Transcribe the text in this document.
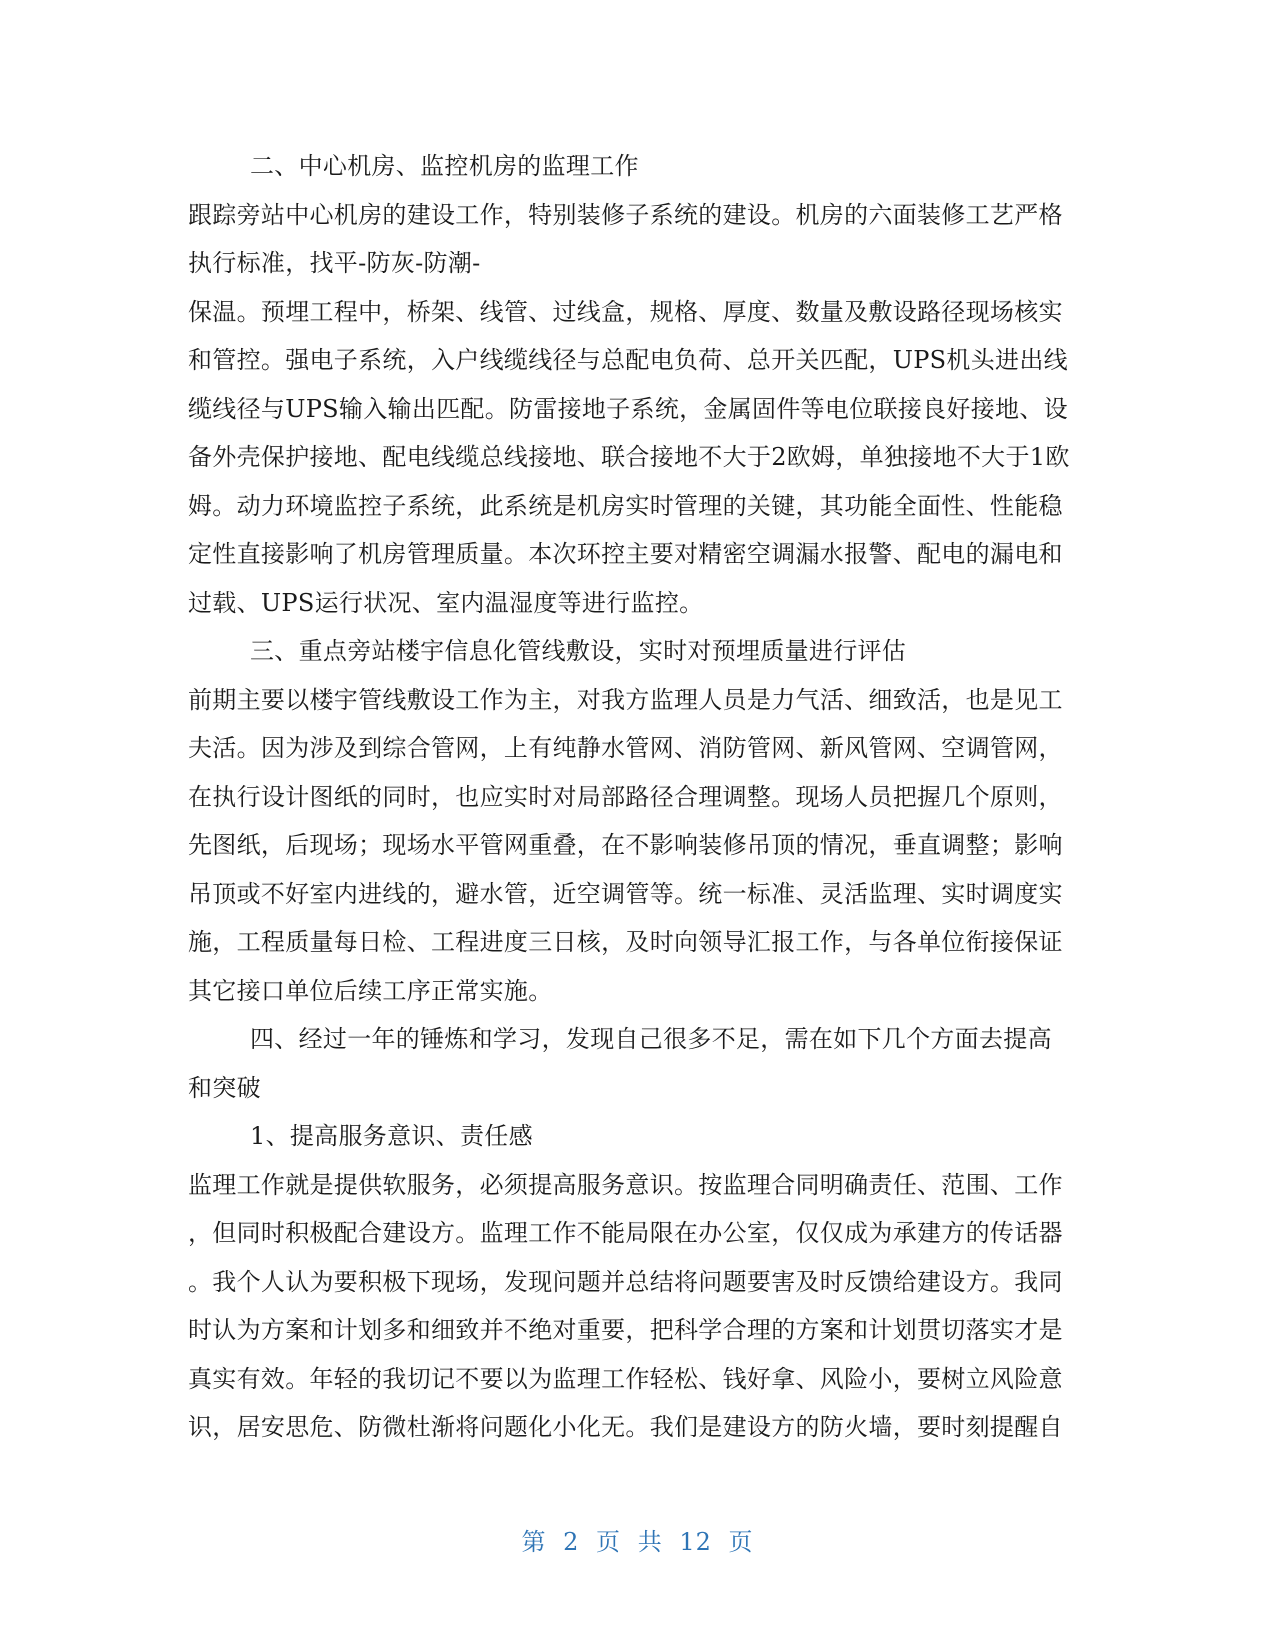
二、中心机房、监控机房的监理工作
跟踪旁站中心机房的建设工作，特别装修子系统的建设。机房的六面装修工艺严格
执行标准，找平-防灰-防潮-
保温。预埋工程中，桥架、线管、过线盒，规格、厚度、数量及敷设路径现场核实
和管控。强电子系统，入户线缆线径与总配电负荷、总开关匹配，UPS机头进出线
缆线径与UPS输入输出匹配。防雷接地子系统，金属固件等电位联接良好接地、设
备外壳保护接地、配电线缆总线接地、联合接地不大于2欧姆，单独接地不大于1欧
姆。动力环境监控子系统，此系统是机房实时管理的关键，其功能全面性、性能稳
定性直接影响了机房管理质量。本次环控主要对精密空调漏水报警、配电的漏电和
过载、UPS运行状况、室内温湿度等进行监控。
三、重点旁站楼宇信息化管线敷设，实时对预埋质量进行评估
前期主要以楼宇管线敷设工作为主，对我方监理人员是力气活、细致活，也是见工
夫活。因为涉及到综合管网，上有纯静水管网、消防管网、新风管网、空调管网，
在执行设计图纸的同时，也应实时对局部路径合理调整。现场人员把握几个原则，
先图纸，后现场；现场水平管网重叠，在不影响装修吊顶的情况，垂直调整；影响
吊顶或不好室内进线的，避水管，近空调管等。统一标准、灵活监理、实时调度实
施，工程质量每日检、工程进度三日核，及时向领导汇报工作，与各单位衔接保证
其它接口单位后续工序正常实施。
四、经过一年的锤炼和学习，发现自己很多不足，需在如下几个方面去提高
和突破
1、提高服务意识、责任感
监理工作就是提供软服务，必须提高服务意识。按监理合同明确责任、范围、工作
，但同时积极配合建设方。监理工作不能局限在办公室，仅仅成为承建方的传话器
。我个人认为要积极下现场，发现问题并总结将问题要害及时反馈给建设方。我同
时认为方案和计划多和细致并不绝对重要，把科学合理的方案和计划贯切落实才是
真实有效。年轻的我切记不要以为监理工作轻松、钱好拿、风险小，要树立风险意
识，居安思危、防微杜渐将问题化小化无。我们是建设方的防火墙，要时刻提醒自
第 2 页 共 12 页
